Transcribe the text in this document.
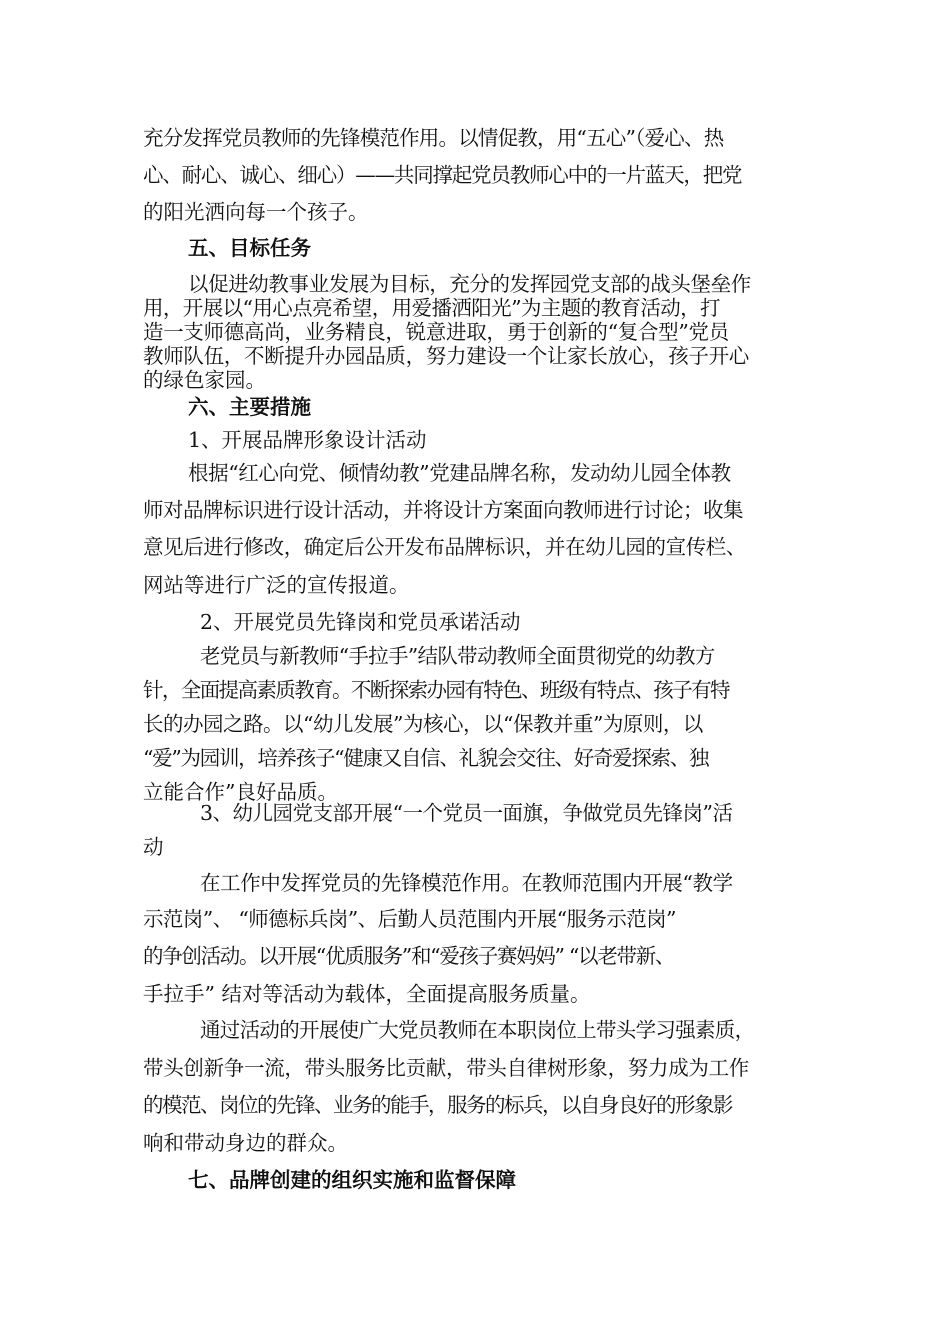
充分发挥党员教师的先锋模范作用。以情促教，用“五心”（爱心、热
心、耐心、诚心、细心）——共同撑起党员教师心中的一片蓝天，把党
的阳光洒向每一个孩子。
五、目标任务
以促进幼教事业发展为目标，充分的发挥园党支部的战头堡垒作
用，开展以“用心点亮希望，用爱播洒阳光”为主题的教育活动，打
造一支师德高尚，业务精良，锐意进取，勇于创新的“复合型”党员
教师队伍，不断提升办园品质，努力建设一个让家长放心，孩子开心
的绿色家园。
六、主要措施
1、开展品牌形象设计活动
根据“红心向党、倾情幼教”党建品牌名称，发动幼儿园全体教
师对品牌标识进行设计活动，并将设计方案面向教师进行讨论；收集
意见后进行修改，确定后公开发布品牌标识，并在幼儿园的宣传栏、
网站等进行广泛的宣传报道。
2、开展党员先锋岗和党员承诺活动
老党员与新教师“手拉手”结队带动教师全面贯彻党的幼教方
针，全面提高素质教育。不断探索办园有特色、班级有特点、孩子有特
长的办园之路。以“幼儿发展”为核心，以“保教并重”为原则，以
“爱”为园训，培养孩子“健康又自信、礼貌会交往、好奇爱探索、独
立能合作”良好品质。
3、幼儿园党支部开展“一个党员一面旗，争做党员先锋岗”活
动
在工作中发挥党员的先锋模范作用。在教师范围内开展“教学
示范岗”、 “师德标兵岗”、后勤人员范围内开展“服务示范岗”
的争创活动。以开展“优质服务”和“爱孩子赛妈妈” “以老带新、
手拉手” 结对等活动为载体，全面提高服务质量。
通过活动的开展使广大党员教师在本职岗位上带头学习强素质，
带头创新争一流，带头服务比贡献，带头自律树形象，努力成为工作
的模范、岗位的先锋、业务的能手，服务的标兵，以自身良好的形象影
响和带动身边的群众。
七、品牌创建的组织实施和监督保障
